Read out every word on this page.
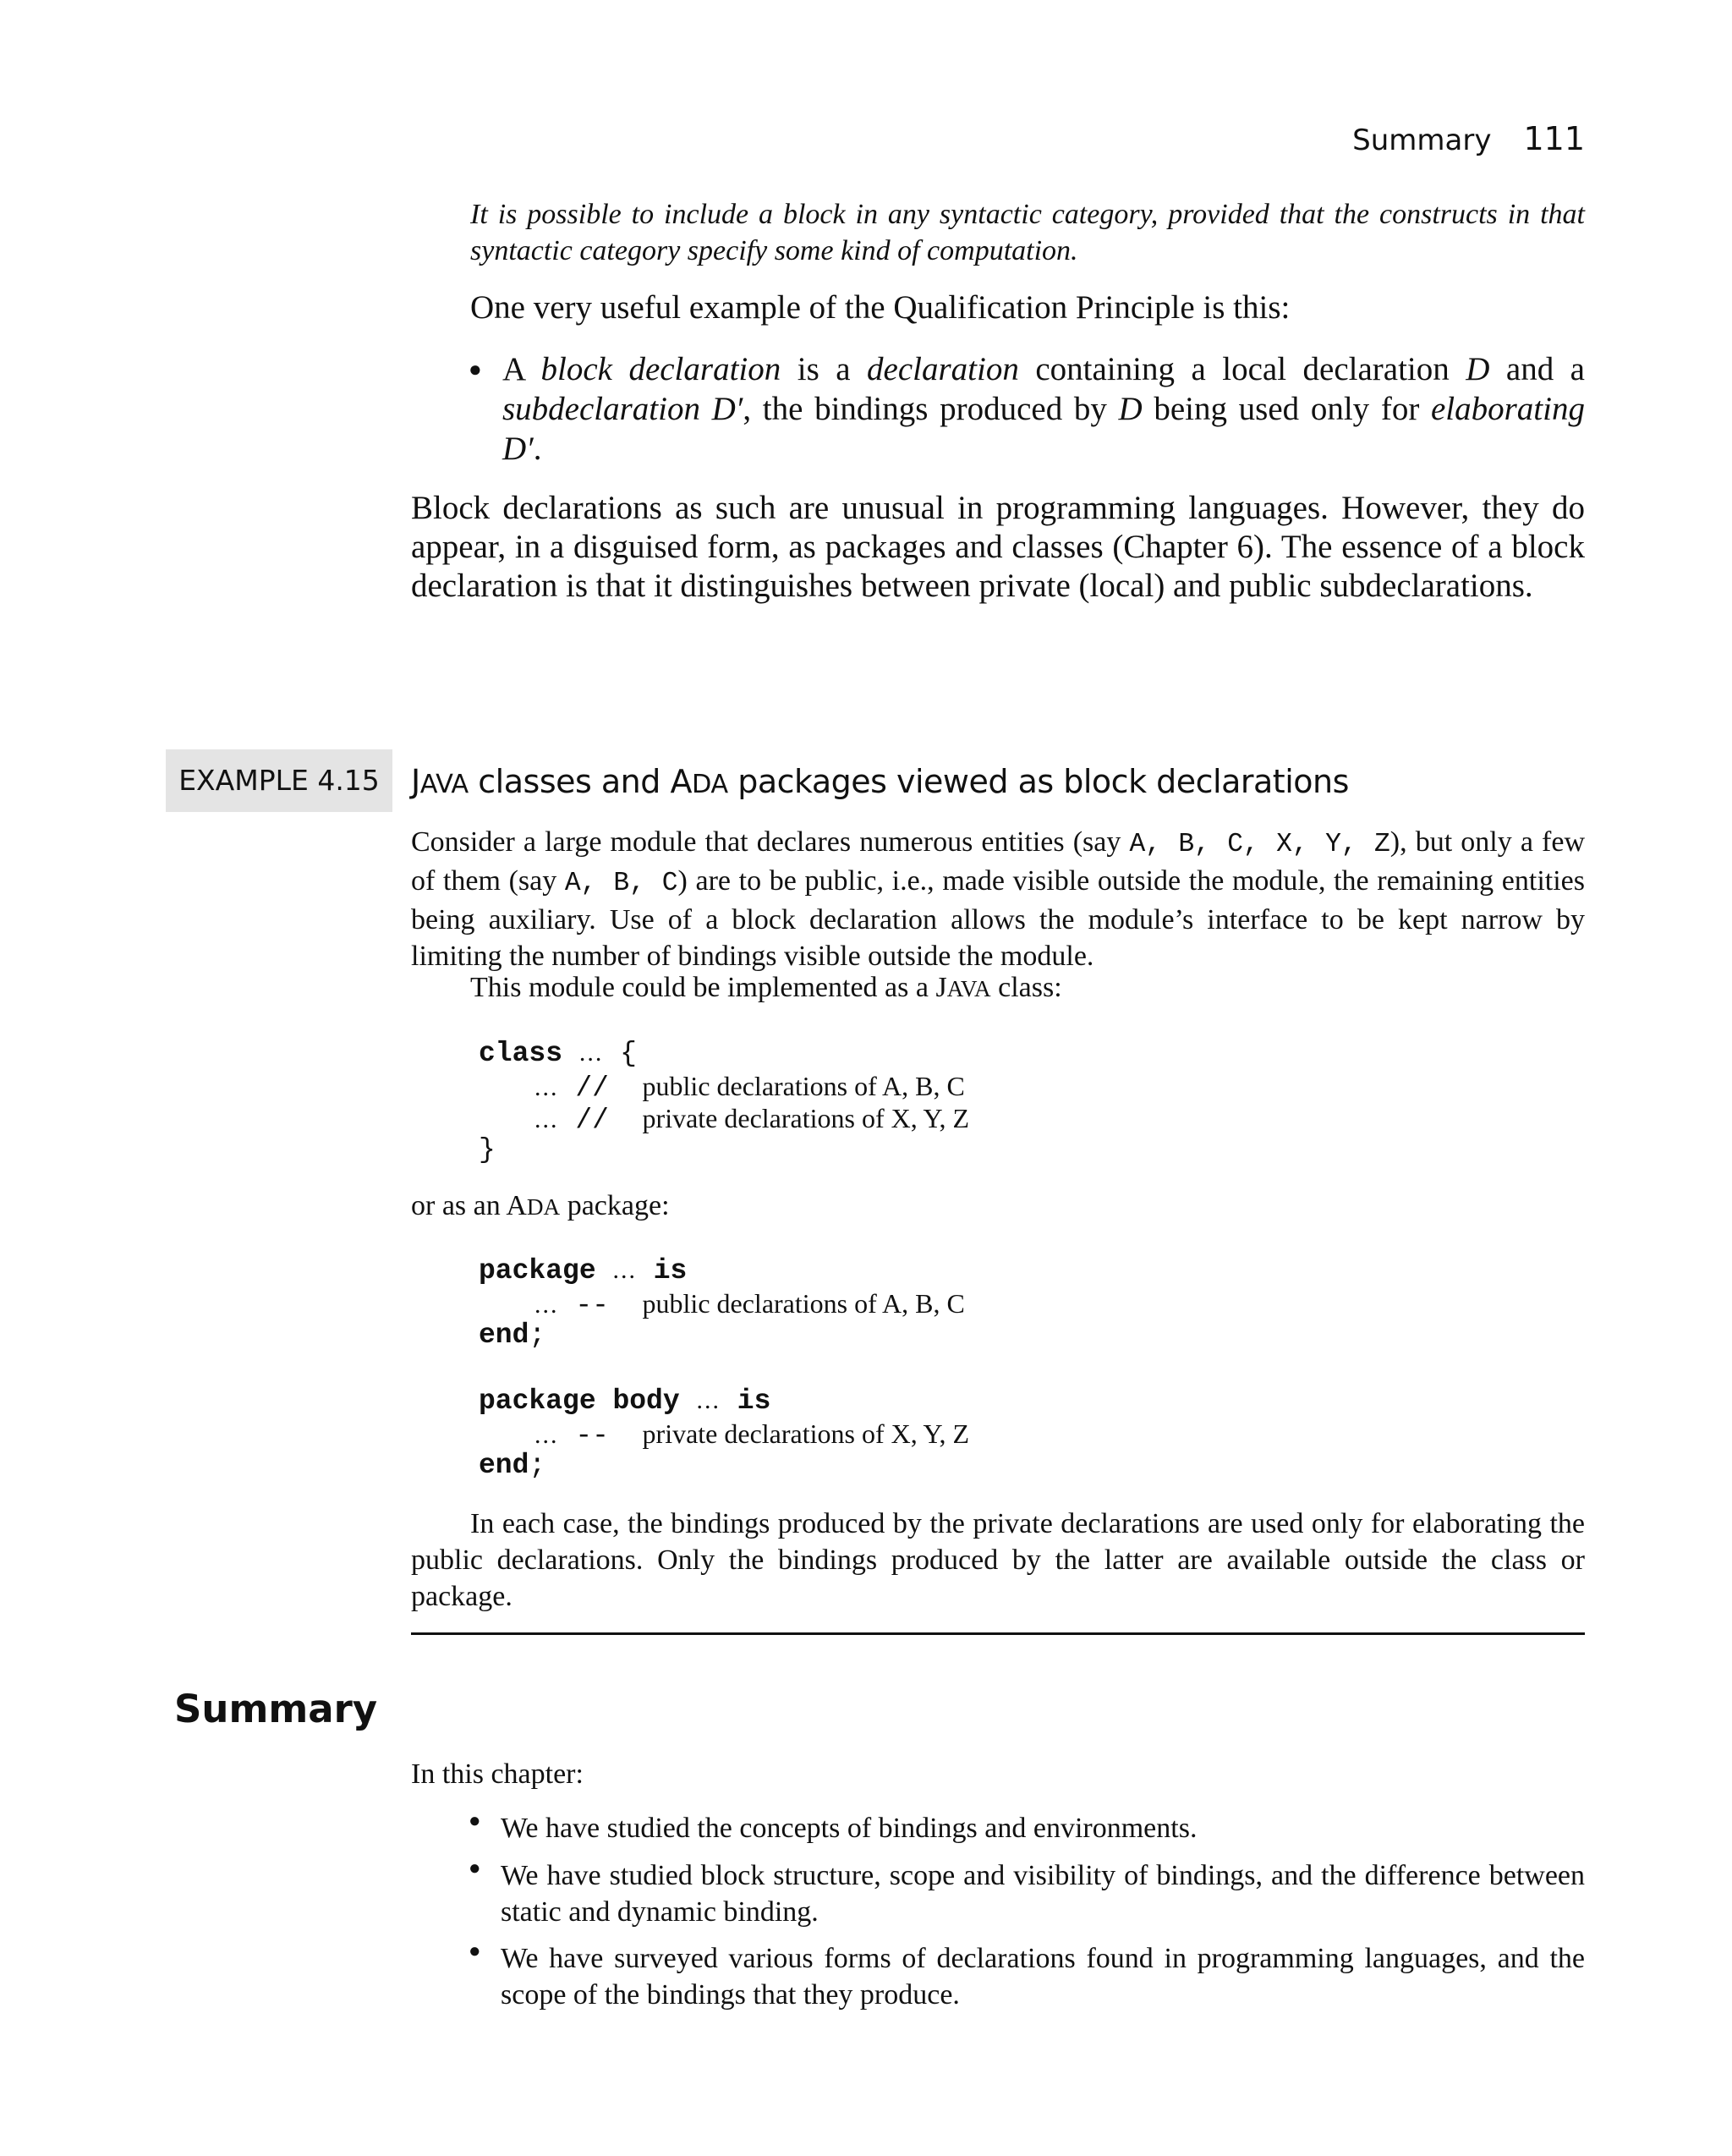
Summary 111
It is possible to include a block in any syntactic category, provided that the constructs in that syntactic category specify some kind of computation.
One very useful example of the Qualification Principle is this:
● A block declaration is a declaration containing a local declaration D and a subdeclaration D′, the bindings produced by D being used only for elaborating D′.
Block declarations as such are unusual in programming languages. However, they do appear, in a disguised form, as packages and classes (Chapter 6). The essence of a block declaration is that it distinguishes between private (local) and public subdeclarations.
EXAMPLE 4.15 JAVA classes and ADA packages viewed as block declarations
Consider a large module that declares numerous entities (say A, B, C, X, Y, Z), but only a few of them (say A, B, C) are to be public, i.e., made visible outside the module, the remaining entities being auxiliary. Use of a block declaration allows the module’s interface to be kept narrow by limiting the number of bindings visible outside the module.
This module could be implemented as a JAVA class:
class ... {
... // public declarations of A, B, C
... // private declarations of X, Y, Z
}
or as an ADA package:
package ... is
... -- public declarations of A, B, C
end;
package body ... is
... -- private declarations of X, Y, Z
end;
In each case, the bindings produced by the private declarations are used only for elaborating the public declarations. Only the bindings produced by the latter are available outside the class or package.
Summary
In this chapter:
● We have studied the concepts of bindings and environments.
● We have studied block structure, scope and visibility of bindings, and the difference between static and dynamic binding.
● We have surveyed various forms of declarations found in programming languages, and the scope of the bindings that they produce.
